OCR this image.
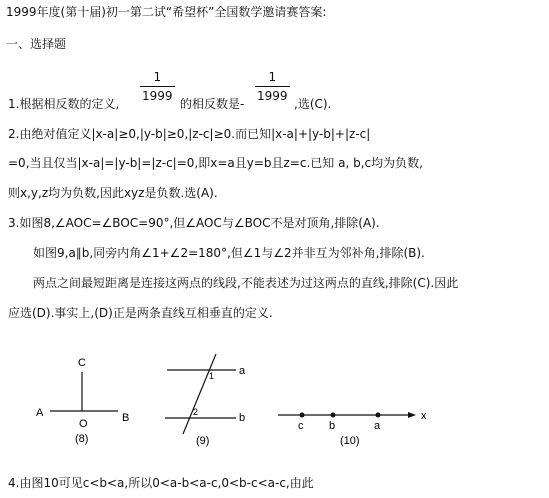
1999年度(第十届)初一第二试“希望杯”全国数学邀请赛答案:
一、选择题
1.根据相反数的定义,
1
1999
的相反数是-
1
1999
,选(C).
2.由绝对值定义|x-a|≥0,|y-b|≥0,|z-c|≥0.而已知|x-a|+|y-b|+|z-c|
=0,当且仅当|x-a|=|y-b|=|z-c|=0,即x=a且y=b且z=c.已知 a, b,c均为负数,
则x,y,z均为负数,因此xyz是负数.选(A).
3.如图8,∠AOC=∠BOC=90°,但∠AOC与∠BOC不是对顶角,排除(A).
如图9,a∥b,同旁内角∠1+∠2=180°,但∠1与∠2并非互为邻补角,排除(B).
两点之间最短距离是连接这两点的线段,不能表述为过这两点的直线,排除(C).因此
应选(D).事实上,(D)正是两条直线互相垂直的定义.
C
A
O	B
(8)
a
b
1
2
(9)
c b	a
x
(10)
4.由图10可见c<b<a,所以0<a-b<a-c,0<b-c<a-c,由此
